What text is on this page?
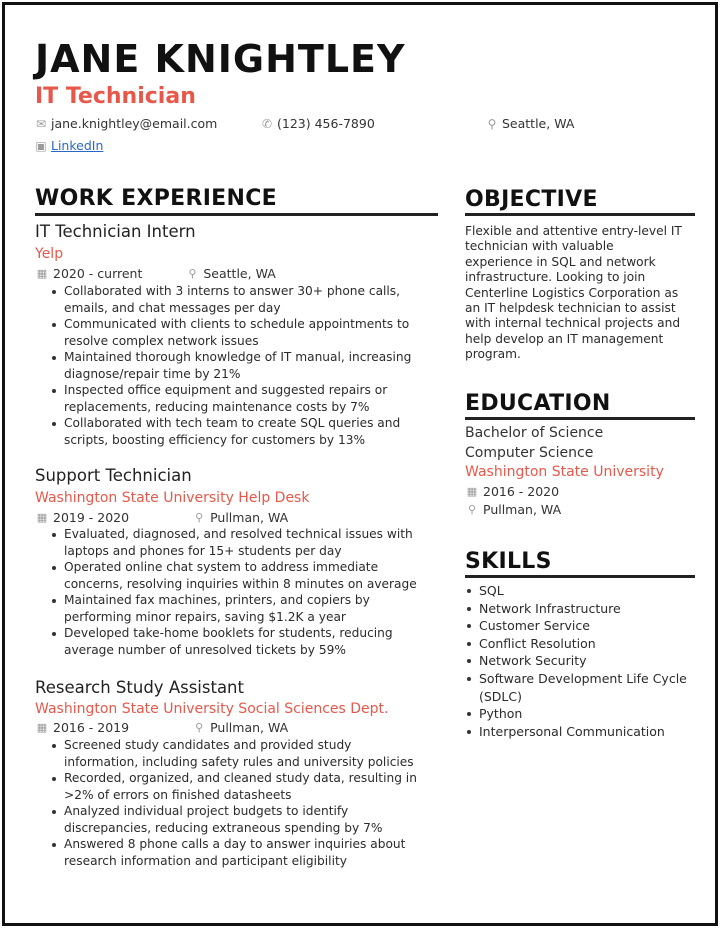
JANE KNIGHTLEY
IT Technician
✉ jane.knightley@email.com	✆ (123) 456-7890	⚲ Seattle, WA
▣ LinkedIn
WORK EXPERIENCE
IT Technician Intern
Yelp
▦ 2020 - current	⚲ Seattle, WA
Collaborated with 3 interns to answer 30+ phone calls,
emails, and chat messages per day
Communicated with clients to schedule appointments to
resolve complex network issues
Maintained thorough knowledge of IT manual, increasing
diagnose/repair time by 21%
Inspected office equipment and suggested repairs or
replacements, reducing maintenance costs by 7%
Collaborated with tech team to create SQL queries and
scripts, boosting efficiency for customers by 13%
Support Technician
Washington State University Help Desk
▦ 2019 - 2020	⚲ Pullman, WA
Evaluated, diagnosed, and resolved technical issues with
laptops and phones for 15+ students per day
Operated online chat system to address immediate
concerns, resolving inquiries within 8 minutes on average
Maintained fax machines, printers, and copiers by
performing minor repairs, saving $1.2K a year
Developed take-home booklets for students, reducing
average number of unresolved tickets by 59%
Research Study Assistant
Washington State University Social Sciences Dept.
▦ 2016 - 2019	⚲ Pullman, WA
Screened study candidates and provided study
information, including safety rules and university policies
Recorded, organized, and cleaned study data, resulting in
>2% of errors on finished datasheets
Analyzed individual project budgets to identify
discrepancies, reducing extraneous spending by 7%
Answered 8 phone calls a day to answer inquiries about
research information and participant eligibility
OBJECTIVE
Flexible and attentive entry-level IT
technician with valuable
experience in SQL and network
infrastructure. Looking to join
Centerline Logistics Corporation as
an IT helpdesk technician to assist
with internal technical projects and
help develop an IT management
program.
EDUCATION
Bachelor of Science
Computer Science
Washington State University
▦ 2016 - 2020
⚲ Pullman, WA
SKILLS
SQL
Network Infrastructure
Customer Service
Conflict Resolution
Network Security
Software Development Life Cycle
(SDLC)
Python
Interpersonal Communication
